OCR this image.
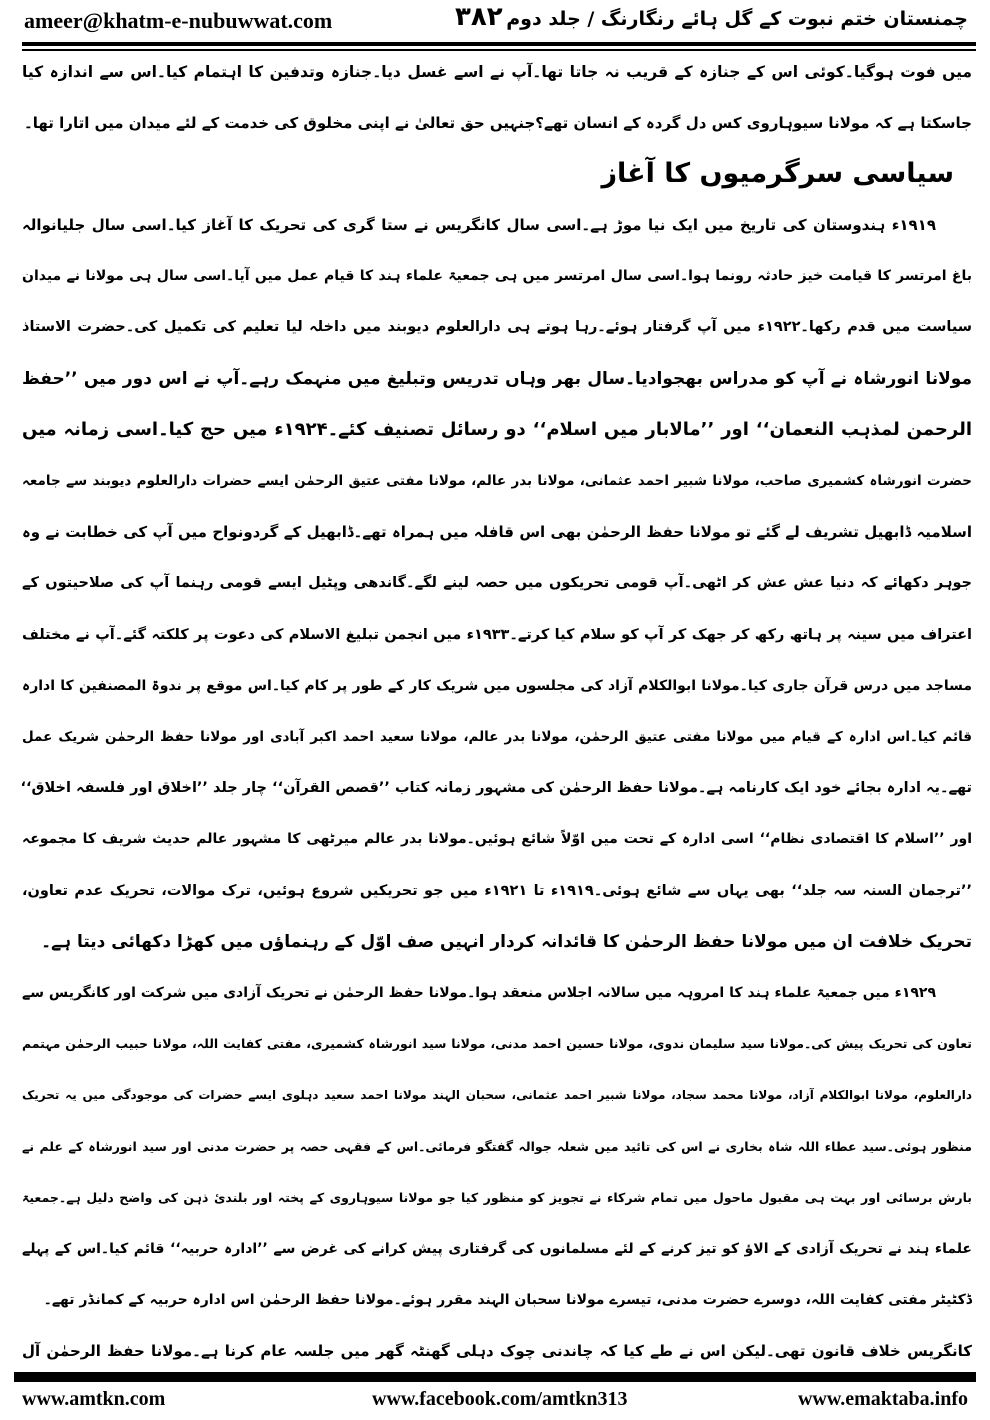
ameer@khatm-e-nubuwwat.com	۳۸۲ چمنستان ختم نبوت کے گل ہائے رنگارنگ / جلد دوم
میں فوت ہوگیا۔کوئی اس کے جنازہ کے قریب نہ جاتا تھا۔آپ نے اسے غسل دیا۔جنازہ وتدفین کا اہتمام کیا۔اس سے اندازہ کیا
جاسکتا ہے کہ مولانا سیوہاروی کس دل گردہ کے انسان تھے؟جنہیں حق تعالیٰ نے اپنی مخلوق کی خدمت کے لئے میدان میں اتارا تھا۔
سیاسی سرگرمیوں کا آغاز
۱۹۱۹ء ہندوستان کی تاریخ میں ایک نیا موڑ ہے۔اسی سال کانگریس نے ستا گری کی تحریک کا آغاز کیا۔اسی سال جلیانوالہ
باغ امرتسر کا قیامت خیز حادثہ رونما ہوا۔اسی سال امرتسر میں ہی جمعیۃ علماء ہند کا قیام عمل میں آیا۔اسی سال ہی مولانا نے میدان
سیاست میں قدم رکھا۔۱۹۲۲ء میں آپ گرفتار ہوئے۔رہا ہوتے ہی دارالعلوم دیوبند میں داخلہ لیا تعلیم کی تکمیل کی۔حضرت الاستاذ
مولانا انورشاہ نے آپ کو مدراس بھجوادیا۔سال بھر وہاں تدریس وتبلیغ میں منہمک رہے۔آپ نے اس دور میں ’’حفظ
الرحمن لمذہب النعمان‘‘ اور ’’مالابار میں اسلام‘‘ دو رسائل تصنیف کئے۔۱۹۲۴ء میں حج کیا۔اسی زمانہ میں
حضرت انورشاہ کشمیری صاحب، مولانا شبیر احمد عثمانی، مولانا بدر عالم، مولانا مفتی عتیق الرحمٰن ایسے حضرات دارالعلوم دیوبند سے جامعہ
اسلامیہ ڈابھیل تشریف لے گئے تو مولانا حفظ الرحمٰن بھی اس قافلہ میں ہمراہ تھے۔ڈابھیل کے گردونواح میں آپ کی خطابت نے وہ
جوہر دکھائے کہ دنیا عش عش کر اٹھی۔آپ قومی تحریکوں میں حصہ لینے لگے۔گاندھی وپٹیل ایسے قومی رہنما آپ کی صلاحیتوں کے
اعتراف میں سینہ پر ہاتھ رکھ کر جھک کر آپ کو سلام کیا کرتے۔۱۹۳۳ء میں انجمن تبلیغ الاسلام کی دعوت پر کلکتہ گئے۔آپ نے مختلف
مساجد میں درس قرآن جاری کیا۔مولانا ابوالکلام آزاد کی مجلسوں میں شریک کار کے طور پر کام کیا۔اس موقع پر ندوۃ المصنفین کا ادارہ
قائم کیا۔اس ادارہ کے قیام میں مولانا مفتی عتیق الرحمٰن، مولانا بدر عالم، مولانا سعید احمد اکبر آبادی اور مولانا حفظ الرحمٰن شریک عمل
تھے۔یہ ادارہ بجائے خود ایک کارنامہ ہے۔مولانا حفظ الرحمٰن کی مشہور زمانہ کتاب ’’قصص القرآن‘‘ چار جلد ’’اخلاق اور فلسفہ اخلاق‘‘
اور ’’اسلام کا اقتصادی نظام‘‘ اسی ادارہ کے تحت میں اوّلاً شائع ہوئیں۔مولانا بدر عالم میرٹھی کا مشہور عالم حدیث شریف کا مجموعہ
’’ترجمان السنہ سہ جلد‘‘ بھی یہاں سے شائع ہوئی۔۱۹۱۹ء تا ۱۹۲۱ء میں جو تحریکیں شروع ہوئیں، ترک موالات، تحریک عدم تعاون،
تحریک خلافت ان میں مولانا حفظ الرحمٰن کا قائدانہ کردار انہیں صف اوّل کے رہنماؤں میں کھڑا دکھائی دیتا ہے۔
۱۹۲۹ء میں جمعیۃ علماء ہند کا امروہہ میں سالانہ اجلاس منعقد ہوا۔مولانا حفظ الرحمٰن نے تحریک آزادی میں شرکت اور کانگریس سے
تعاون کی تحریک پیش کی۔مولانا سید سلیمان ندوی، مولانا حسین احمد مدنی، مولانا سید انورشاہ کشمیری، مفتی کفایت اللہ، مولانا حبیب الرحمٰن مہتمم
دارالعلوم، مولانا ابوالکلام آزاد، مولانا محمد سجاد، مولانا شبیر احمد عثمانی، سحبان الہند مولانا احمد سعید دہلوی ایسے حضرات کی موجودگی میں یہ تحریک
منظور ہوئی۔سید عطاء اللہ شاہ بخاری نے اس کی تائید میں شعلہ جوالہ گفتگو فرمائی۔اس کے فقہی حصہ پر حضرت مدنی اور سید انورشاہ کے علم نے
بارش برسائی اور بہت ہی مقبول ماحول میں تمام شرکاء نے تجویز کو منظور کیا جو مولانا سیوہاروی کے پختہ اور بلندیٔ ذہن کی واضح دلیل ہے۔جمعیۃ
علماء ہند نے تحریک آزادی کے الاؤ کو تیز کرنے کے لئے مسلمانوں کی گرفتاری پیش کرانے کی غرض سے ’’ادارہ حربیہ‘‘ قائم کیا۔اس کے پہلے
ڈکٹیٹر مفتی کفایت اللہ، دوسرے حضرت مدنی، تیسرے مولانا سحبان الہند مقرر ہوئے۔مولانا حفظ الرحمٰن اس ادارہ حربیہ کے کمانڈر تھے۔
کانگریس خلاف قانون تھی۔لیکن اس نے طے کیا کہ چاندنی چوک دہلی گھنٹہ گھر میں جلسہ عام کرنا ہے۔مولانا حفظ الرحمٰن آل
www.amtkn.com	www.facebook.com/amtkn313	www.emaktaba.info
